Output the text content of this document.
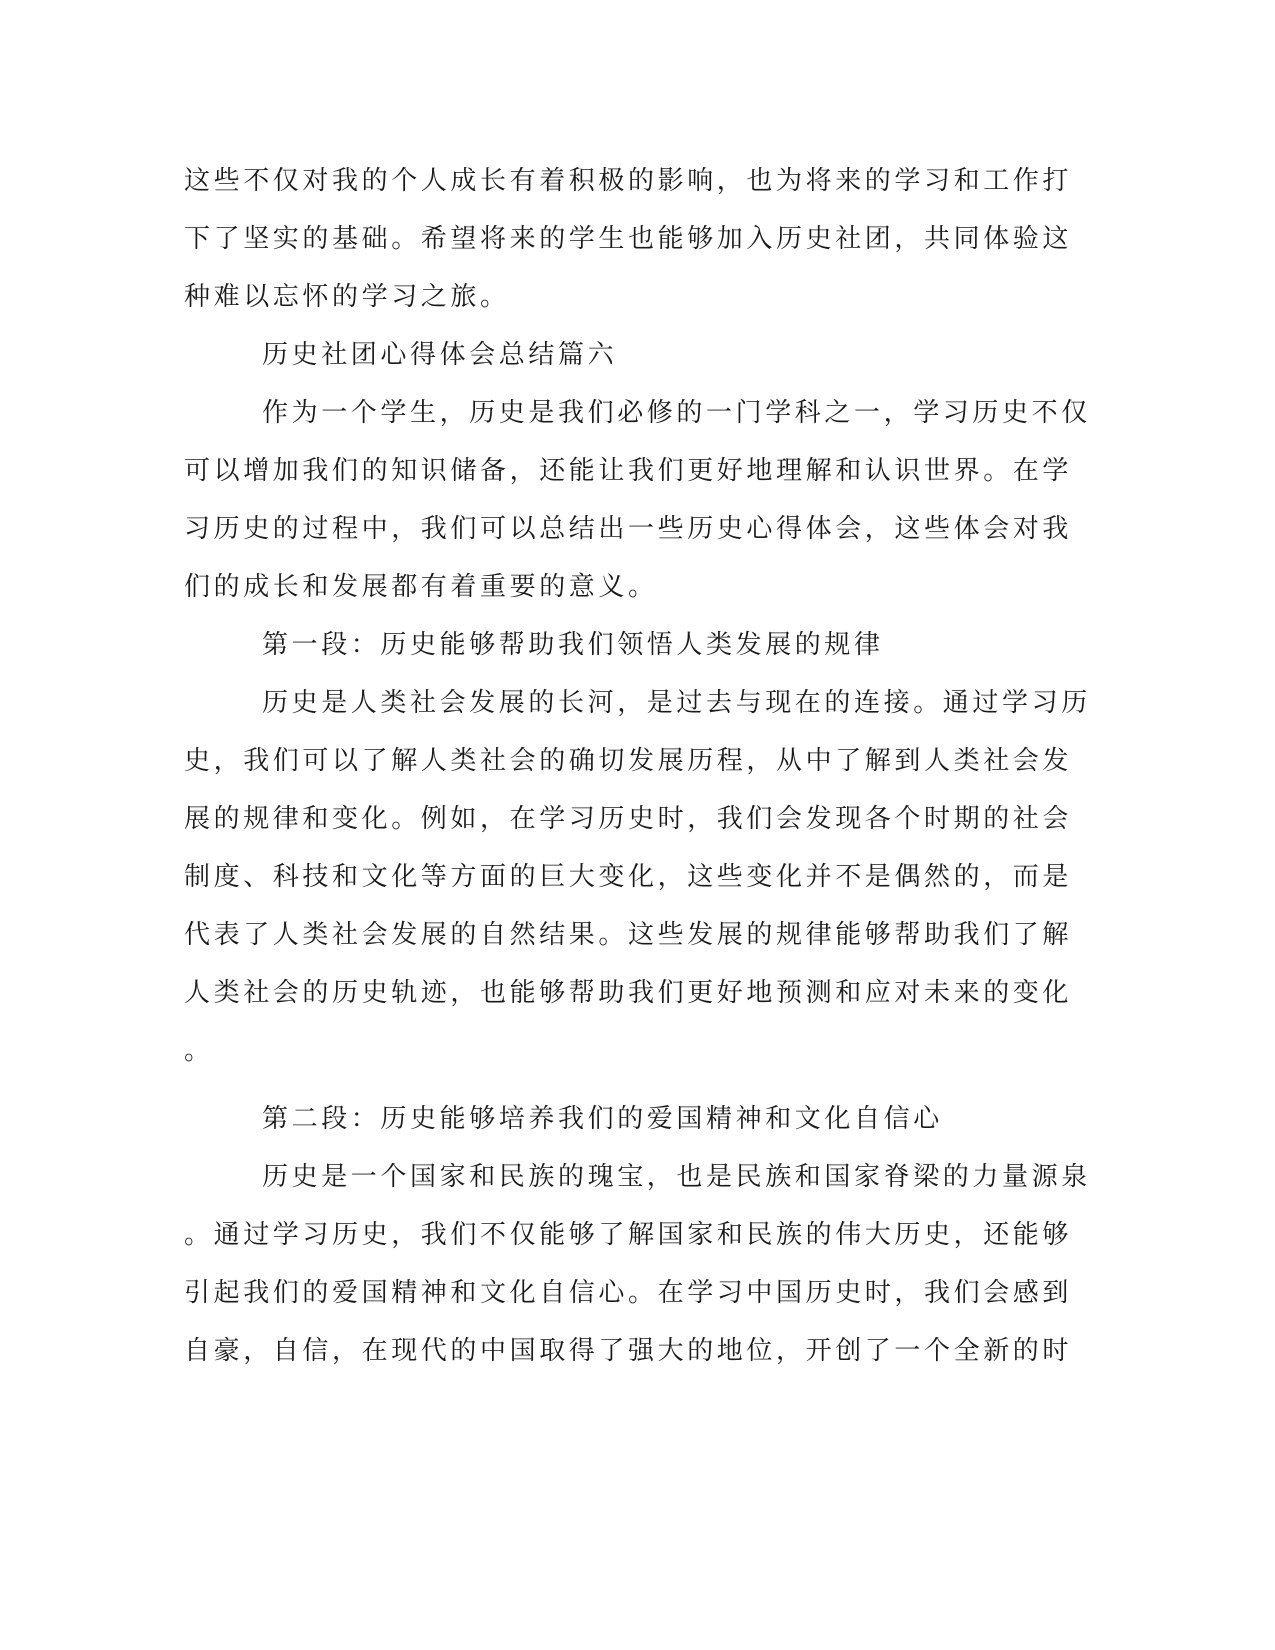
这些不仅对我的个人成长有着积极的影响，也为将来的学习和工作打
下了坚实的基础。希望将来的学生也能够加入历史社团，共同体验这
种难以忘怀的学习之旅。
历史社团心得体会总结篇六
作为一个学生，历史是我们必修的一门学科之一，学习历史不仅
可以增加我们的知识储备，还能让我们更好地理解和认识世界。在学
习历史的过程中，我们可以总结出一些历史心得体会，这些体会对我
们的成长和发展都有着重要的意义。
第一段：历史能够帮助我们领悟人类发展的规律
历史是人类社会发展的长河，是过去与现在的连接。通过学习历
史，我们可以了解人类社会的确切发展历程，从中了解到人类社会发
展的规律和变化。例如，在学习历史时，我们会发现各个时期的社会
制度、科技和文化等方面的巨大变化，这些变化并不是偶然的，而是
代表了人类社会发展的自然结果。这些发展的规律能够帮助我们了解
人类社会的历史轨迹，也能够帮助我们更好地预测和应对未来的变化
。
第二段：历史能够培养我们的爱国精神和文化自信心
历史是一个国家和民族的瑰宝，也是民族和国家脊梁的力量源泉
。通过学习历史，我们不仅能够了解国家和民族的伟大历史，还能够
引起我们的爱国精神和文化自信心。在学习中国历史时，我们会感到
自豪，自信，在现代的中国取得了强大的地位，开创了一个全新的时
